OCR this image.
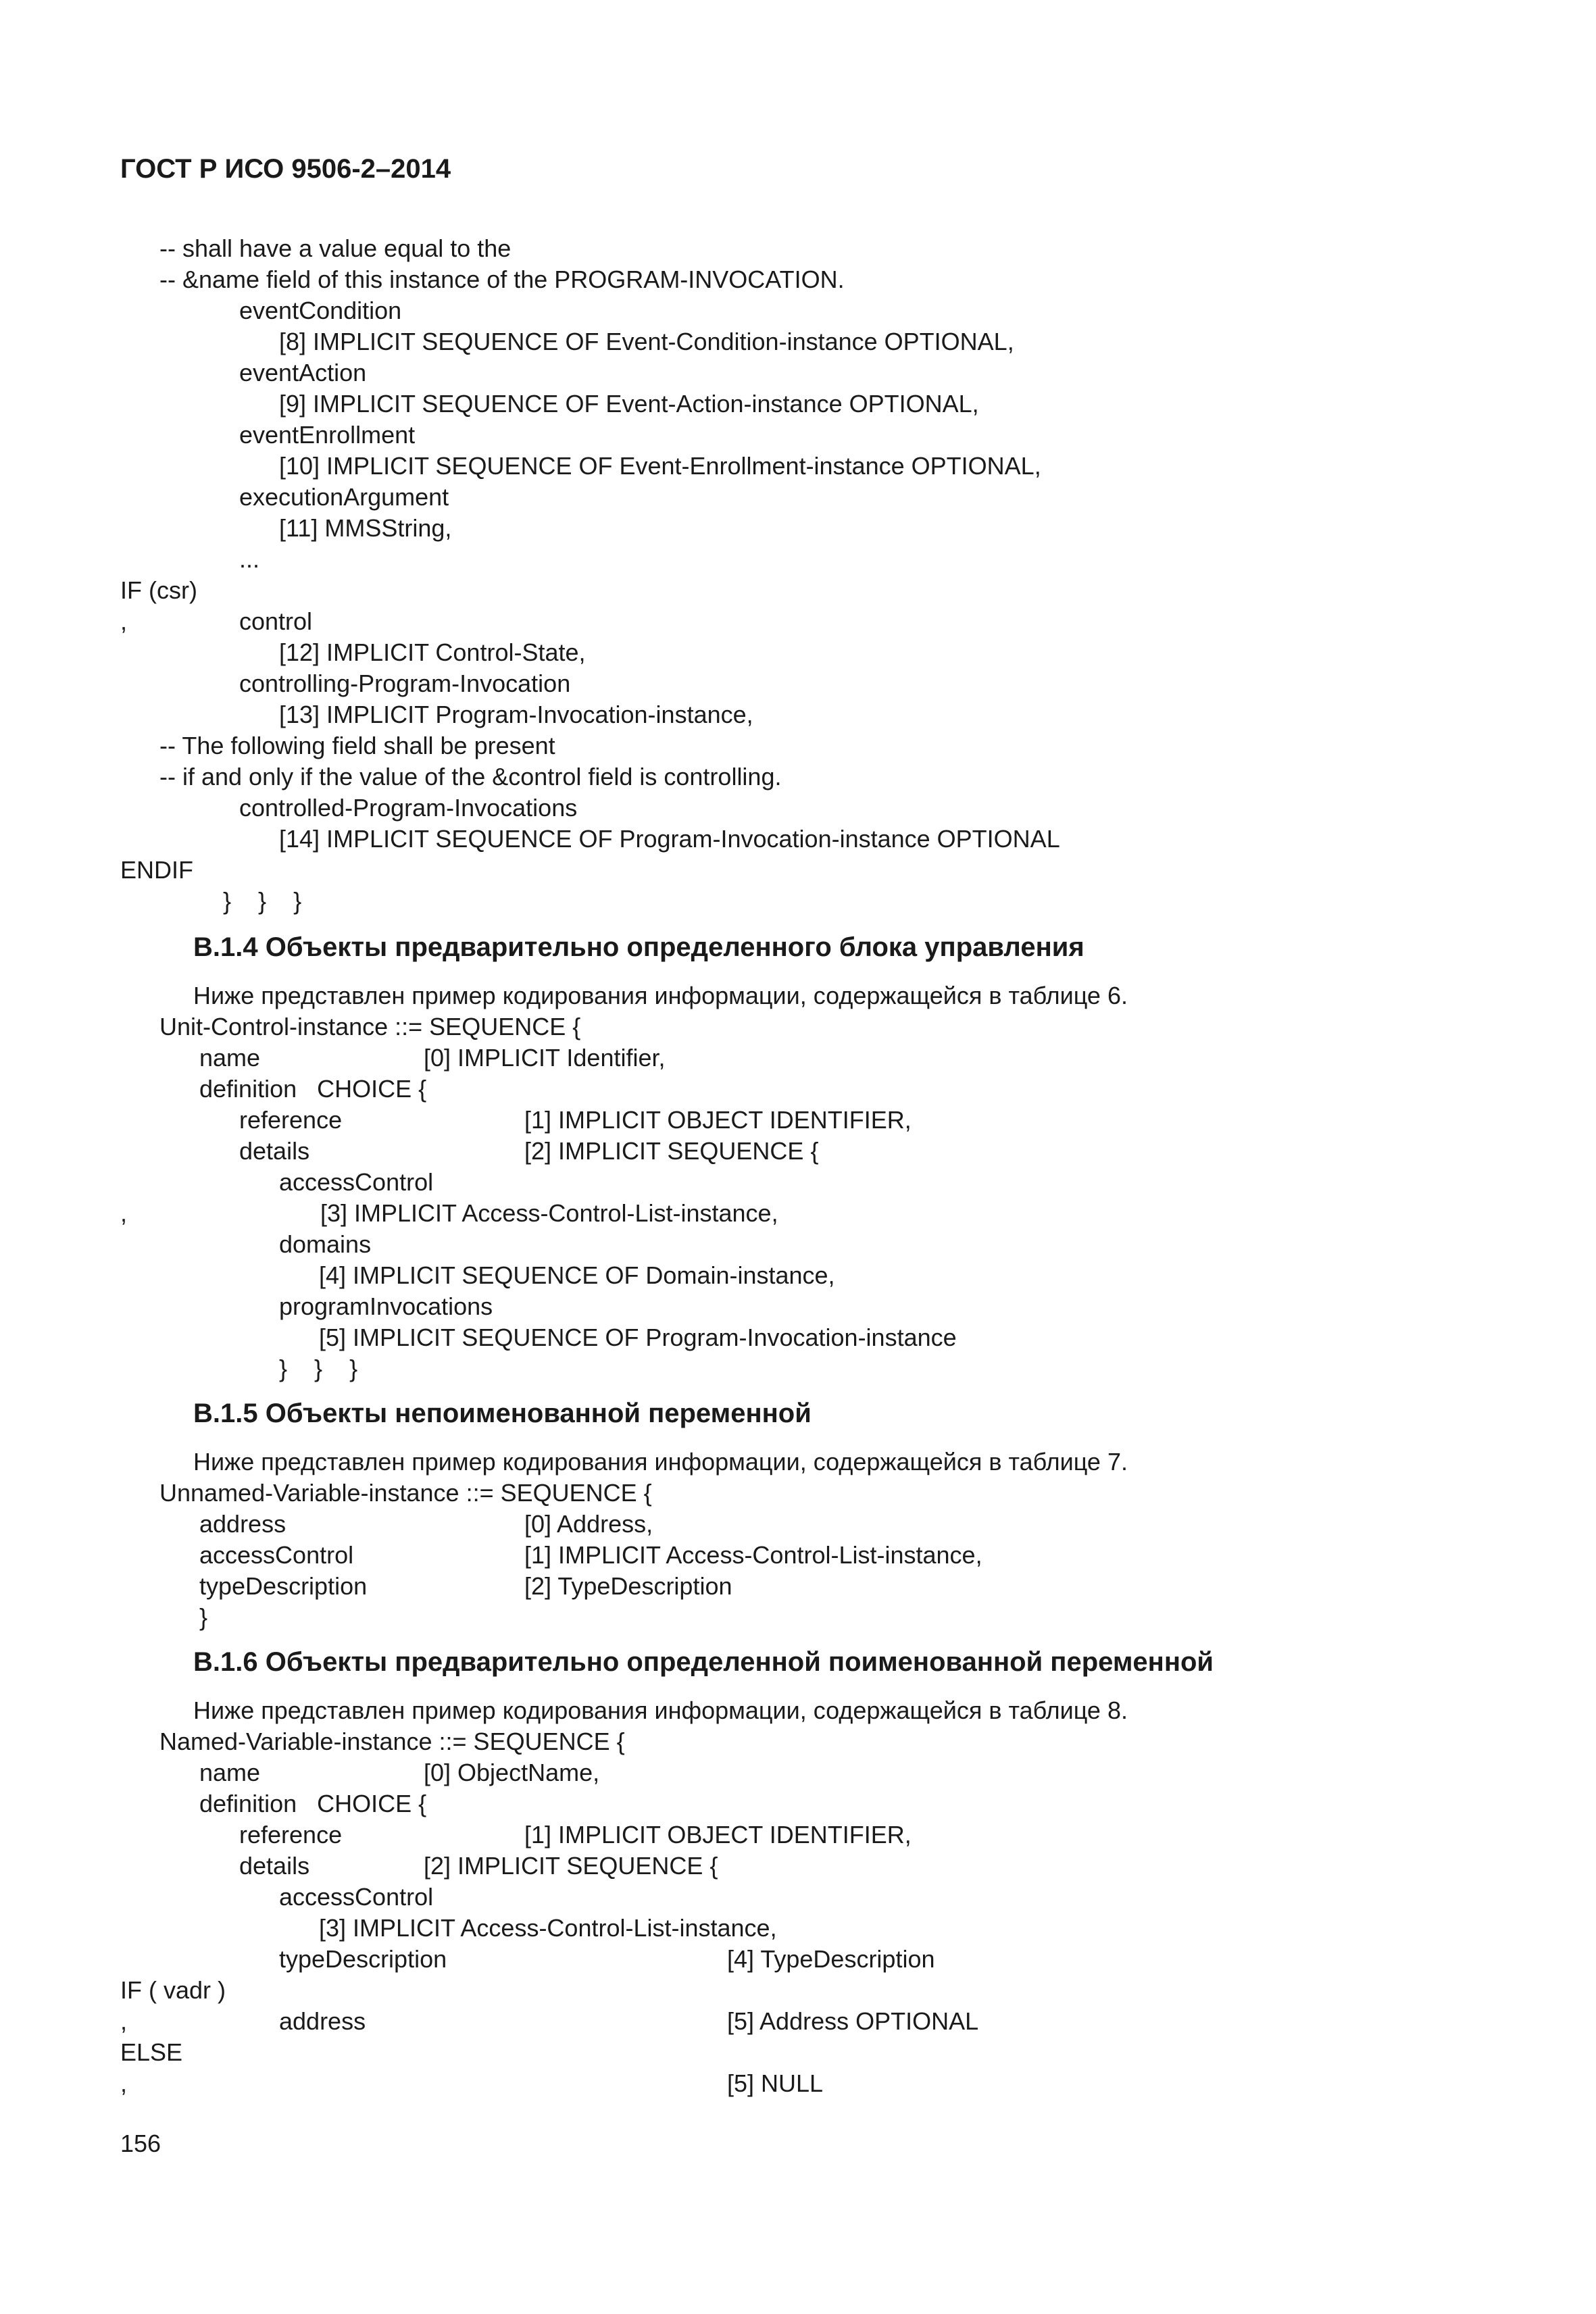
ГОСТ Р ИСО 9506-2–2014
-- shall have a value equal to the
-- &name field of this instance of the PROGRAM-INVOCATION.
eventCondition
[8] IMPLICIT SEQUENCE OF Event-Condition-instance OPTIONAL,
eventAction
[9] IMPLICIT SEQUENCE OF Event-Action-instance OPTIONAL,
eventEnrollment
[10] IMPLICIT SEQUENCE OF Event-Enrollment-instance OPTIONAL,
executionArgument
[11] MMSString,
...
IF (csr)
,	control
[12] IMPLICIT Control-State,
controlling-Program-Invocation
[13] IMPLICIT Program-Invocation-instance,
-- The following field shall be present
-- if and only if the value of the &control field is controlling.
controlled-Program-Invocations
[14] IMPLICIT SEQUENCE OF Program-Invocation-instance OPTIONAL
ENDIF
}    }    }
B.1.4 Объекты предварительно определенного блока управления
Ниже представлен пример кодирования информации, содержащейся в таблице 6.
Unit-Control-instance ::= SEQUENCE {
name	[0] IMPLICIT Identifier,
definition   CHOICE {
reference	[1] IMPLICIT OBJECT IDENTIFIER,
details	[2] IMPLICIT SEQUENCE {
accessControl
,	[3] IMPLICIT Access-Control-List-instance,
domains
[4] IMPLICIT SEQUENCE OF Domain-instance,
programInvocations
[5] IMPLICIT SEQUENCE OF Program-Invocation-instance
}    }    }
B.1.5 Объекты непоименованной переменной
Ниже представлен пример кодирования информации, содержащейся в таблице 7.
Unnamed-Variable-instance ::= SEQUENCE {
address	[0] Address,
accessControl	[1] IMPLICIT Access-Control-List-instance,
typeDescription	[2] TypeDescription
}
B.1.6 Объекты предварительно определенной поименованной переменной
Ниже представлен пример кодирования информации, содержащейся в таблице 8.
Named-Variable-instance ::= SEQUENCE {
name	[0] ObjectName,
definition   CHOICE {
reference	[1] IMPLICIT OBJECT IDENTIFIER,
details	[2] IMPLICIT SEQUENCE {
accessControl
[3] IMPLICIT Access-Control-List-instance,
typeDescription	[4] TypeDescription
IF ( vadr )
,	address	[5] Address OPTIONAL
ELSE
,	[5] NULL
156
